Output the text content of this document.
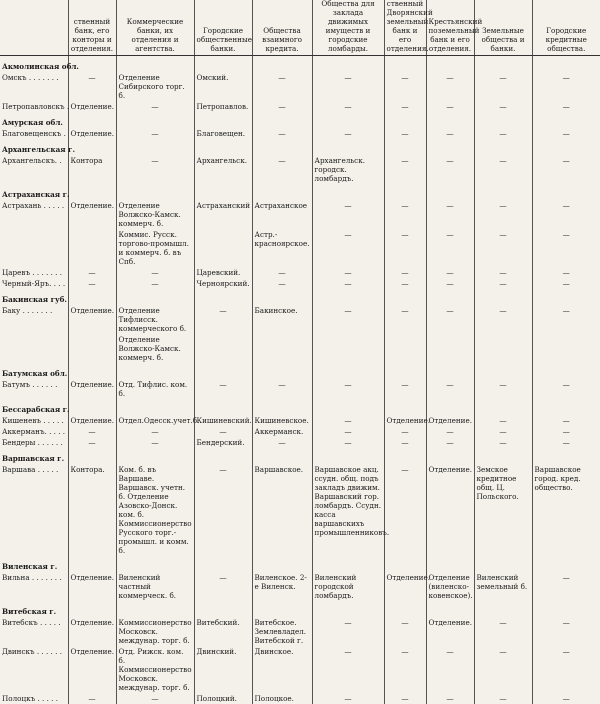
	ственный банк, его конторы и отделения.	Коммерческие банки, их отделения и агентства.	Городские общественные банки.	Общества взаимного кредита.	Общества для заклада движимых имуществ и городские ломбарды.	ственный Дворянский земельный банк и его отделения.	Крестьянский поземельный банк и его отделения.	Земельные общества и банки.	Городские кредитные общества.
Акмолинская обл.									
Омскъ . . . . . . .	—	Отделение Сибирского торг. б.	Омский.	—	—	—	—	—	—
Петропавловскъ .	Отделение.	—	Петропавлов.	—	—	—	—	—	—
Амурская обл.									
Благовещенскъ .	Отделение.	—	Благовещен.	—	—	—	—	—	—
Архангельская г.									
Архангельскъ. .	Контора	—	Архангельск.	—	Архангельск. городск. ломбардъ.	—	—	—	—
Астраханская г.									
Астрахань . . . . .	Отделение.	Отделение Волжско-Камск. коммерч. б.	Астраханский	Астраханское	—	—	—	—	—
		Коммис. Русск. торгово-промышл. и коммерч. б. въ Спб.		Астр.-красноярское.	—	—	—	—	—
Царевъ . . . . . . .	—	—	Царевский.	—	—	—	—	—	—
Черный-Яръ. . . .	—	—	Черноярский.	—	—	—	—	—	—
Бакинская губ.									
Баку . . . . . . .	Отделение.	Отделение Тифлисск. коммерческого б.	—	Бакинское.	—	—	—	—	—
		Отделение Волжско-Камск. коммерч. б.							
Батумская обл.									
Батумъ . . . . . .	Отделение.	Отд. Тифлис. ком. б.	—	—	—	—	—	—	—
Бессарабская г.									
Кишеневъ . . . . .	Отделение.	Отдел.Одесск.учет.б.	Кишиневский.	Кишиневское.	—	Отделение.	Отделение.	—	—
Аккерманъ. . . . .	—	—	—	Аккерманск.	—	—	—	—	—
Бендеры . . . . . .	—	—	Бендерский.	—	—	—	—	—	—
Варшавская г.									
Варшава . . . . .	Контора.	Ком. б. въ Варшаве. Варшавск. учетн. б. Отделение Азовско-Донск. ком. б. Коммиссионерство Русского торг.-промышл. и комм. б.	—	Варшавское.	Варшавское акц. ссудн. общ. подъ закладъ движим. Варшавский гор. ломбардъ. Ссудн. касса варшавскихъ промышленниковъ.	—	Отделение.	Земское кредитное общ. Ц. Польского.	Варшавское город. кред. общество.
Виленская г.									
Вильна . . . . . . .	Отделение.	Виленский частный коммерческ. б.	—	Виленское. 2-е Виленск.	Виленский городской ломбардъ.	Отделение.	Отделение (виленско-ковенское).	Виленский земельный б.	—
Витебская г.									
Витебскъ . . . . .	Отделение.	Коммиссионерство Московск. междунар. торг. б.	Витебский.	Витебское. Землевладел. Витебской г.	—	—	Отделение.	—	—
Двинскъ . . . . . .	Отделение.	Отд. Рижск. ком. б. Коммиссионерство Московск. междунар. торг. б.	Двинский.	Двинское.	—	—	—	—	—
Полоцкъ . . . . .	—	—	Полоцкий.	Полоцкое.	—	—	—	—	—
